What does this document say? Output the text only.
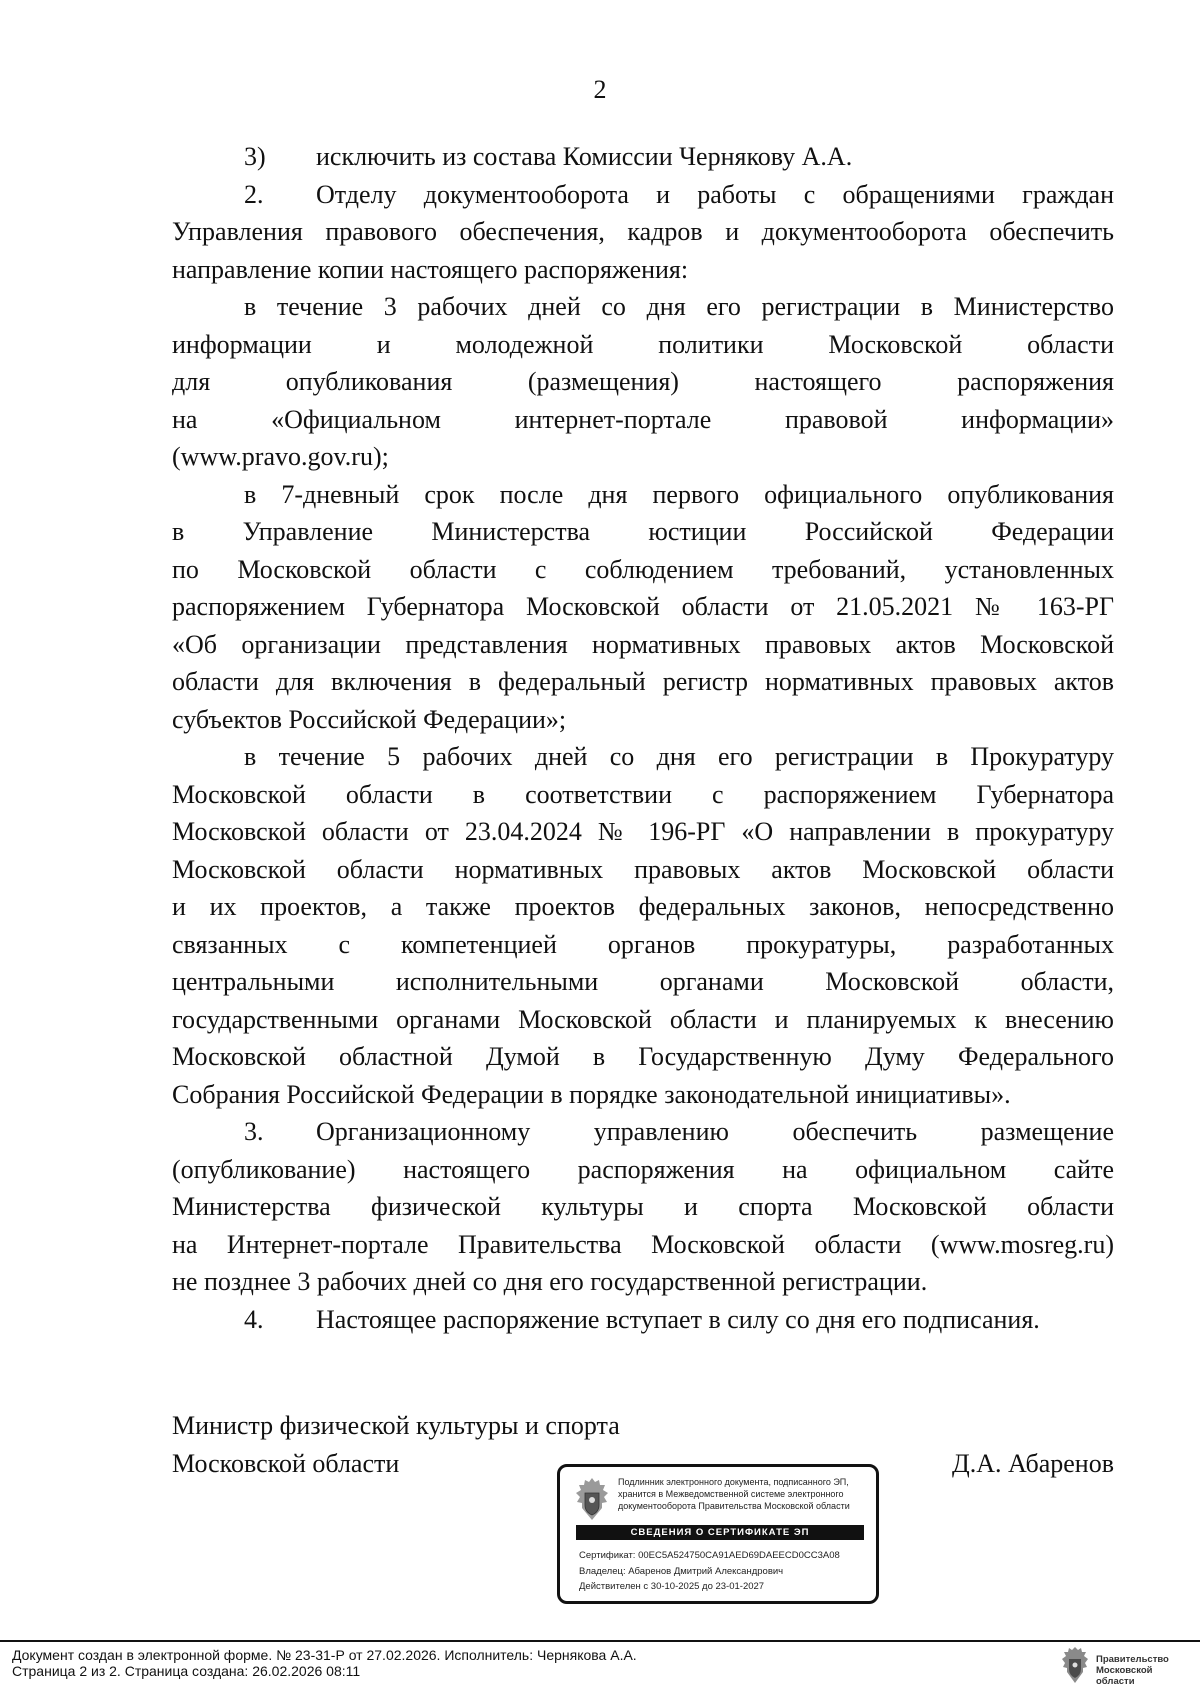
2
3) исключить из состава Комиссии Чернякову А.А.
2. Отделу документооборота и работы с обращениями граждан
Управления правового обеспечения, кадров и документооборота обеспечить
направление копии настоящего распоряжения:
в течение 3 рабочих дней со дня его регистрации в Министерство
информации и молодежной политики Московской области
для опубликования (размещения) настоящего распоряжения
на «Официальном интернет-портале правовой информации»
(www.pravo.gov.ru);
в 7-дневный срок после дня первого официального опубликования
в Управление Министерства юстиции Российской Федерации
по Московской области с соблюдением требований, установленных
распоряжением Губернатора Московской области от 21.05.2021 № 163-РГ
«Об организации представления нормативных правовых актов Московской
области для включения в федеральный регистр нормативных правовых актов
субъектов Российской Федерации»;
в течение 5 рабочих дней со дня его регистрации в Прокуратуру
Московской области в соответствии с распоряжением Губернатора
Московской области от 23.04.2024 № 196-РГ «О направлении в прокуратуру
Московской области нормативных правовых актов Московской области
и их проектов, а также проектов федеральных законов, непосредственно
связанных с компетенцией органов прокуратуры, разработанных
центральными исполнительными органами Московской области,
государственными органами Московской области и планируемых к внесению
Московской областной Думой в Государственную Думу Федерального
Собрания Российской Федерации в порядке законодательной инициативы».
3. Организационному управлению обеспечить размещение
(опубликование) настоящего распоряжения на официальном сайте
Министерства физической культуры и спорта Московской области
на Интернет-портале Правительства Московской области (www.mosreg.ru)
не позднее 3 рабочих дней со дня его государственной регистрации.
4. Настоящее распоряжение вступает в силу со дня его подписания.
Министр физической культуры и спорта
Московской области	Д.А. Абаренов
Подлинник электронного документа, подписанного ЭП,
хранится в Межведомственной системе электронного
документооборота Правительства Московской области
СВЕДЕНИЯ О СЕРТИФИКАТЕ ЭП
Сертификат: 00EC5A524750CA91AED69DAEECD0CC3A08
Владелец: Абаренов Дмитрий Александрович
Действителен с 30-10-2025 до 23-01-2027
Документ создан в электронной форме. № 23-31-Р от 27.02.2026. Исполнитель: Чернякова А.А.
Страница 2 из 2. Страница создана: 26.02.2026 08:11
Правительство
Московской области
